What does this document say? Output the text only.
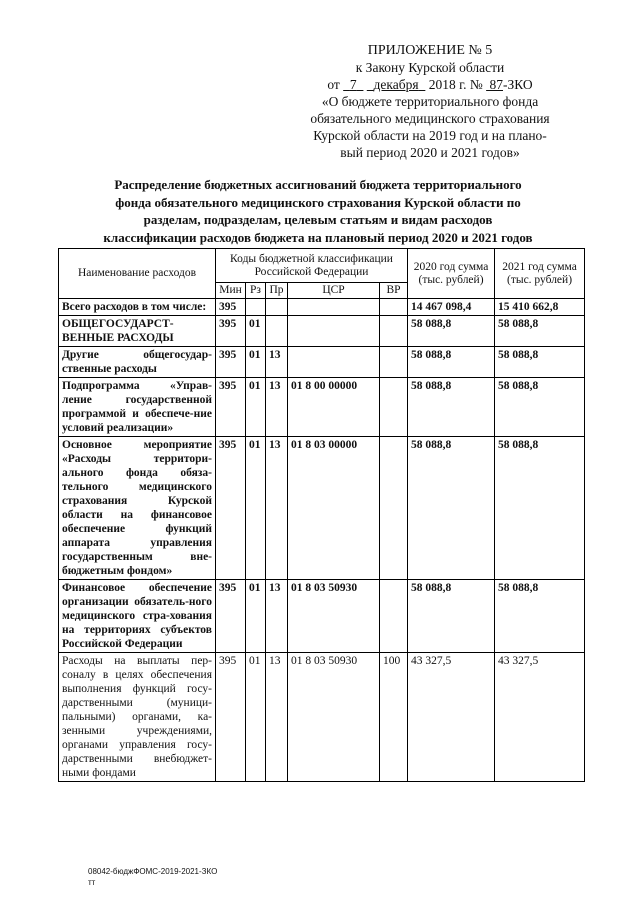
ПРИЛОЖЕНИЕ № 5
к Закону Курской области
от 7 декабря 2018 г. № 87-ЗКО
«О бюджете территориального фонда
обязательного медицинского страхования
Курской области на 2019 год и на плано-
вый период 2020 и 2021 годов»
Распределение бюджетных ассигнований бюджета территориального
фонда обязательного медицинского страхования Курской области по
разделам, подразделам, целевым статьям и видам расходов
классификации расходов бюджета на плановый период 2020 и 2021 годов
Наименование расходов	Коды бюджетной классификации Российской Федерации					2020 год сумма (тыс. рублей)	2021 год сумма (тыс. рублей)
	Мин	Рз	Пр	ЦСР	ВР		
Всего расходов в том числе:	395					14 467 098,4	15 410 662,8
ОБЩЕГОСУДАРСТ-ВЕННЫЕ РАСХОДЫ	395	01				58 088,8	58 088,8
Другие общегосудар-ственные расходы	395	01	13			58 088,8	58 088,8
Подпрограмма «Управ-ление государственной программой и обеспече-ние условий реализации»	395	01	13	01 8 00 00000		58 088,8	58 088,8
Основное мероприятие «Расходы территори-ального фонда обяза-тельного медицинского страхования Курской области на финансовое обеспечение функций аппарата управления государственным вне-бюджетным фондом»	395	01	13	01 8 03 00000		58 088,8	58 088,8
Финансовое обеспечение организации обязатель-ного медицинского стра-хования на территориях субъектов Российской Федерации	395	01	13	01 8 03 50930		58 088,8	58 088,8
Расходы на выплаты пер-соналу в целях обеспечения выполнения функций госу-дарственными (муници-пальными) органами, ка-зенными учреждениями, органами управления госу-дарственными внебюджет-ными фондами	395	01	13	01 8 03 50930	100	43 327,5	43 327,5
08042-бюджФОМС-2019-2021-ЗКО
тт
